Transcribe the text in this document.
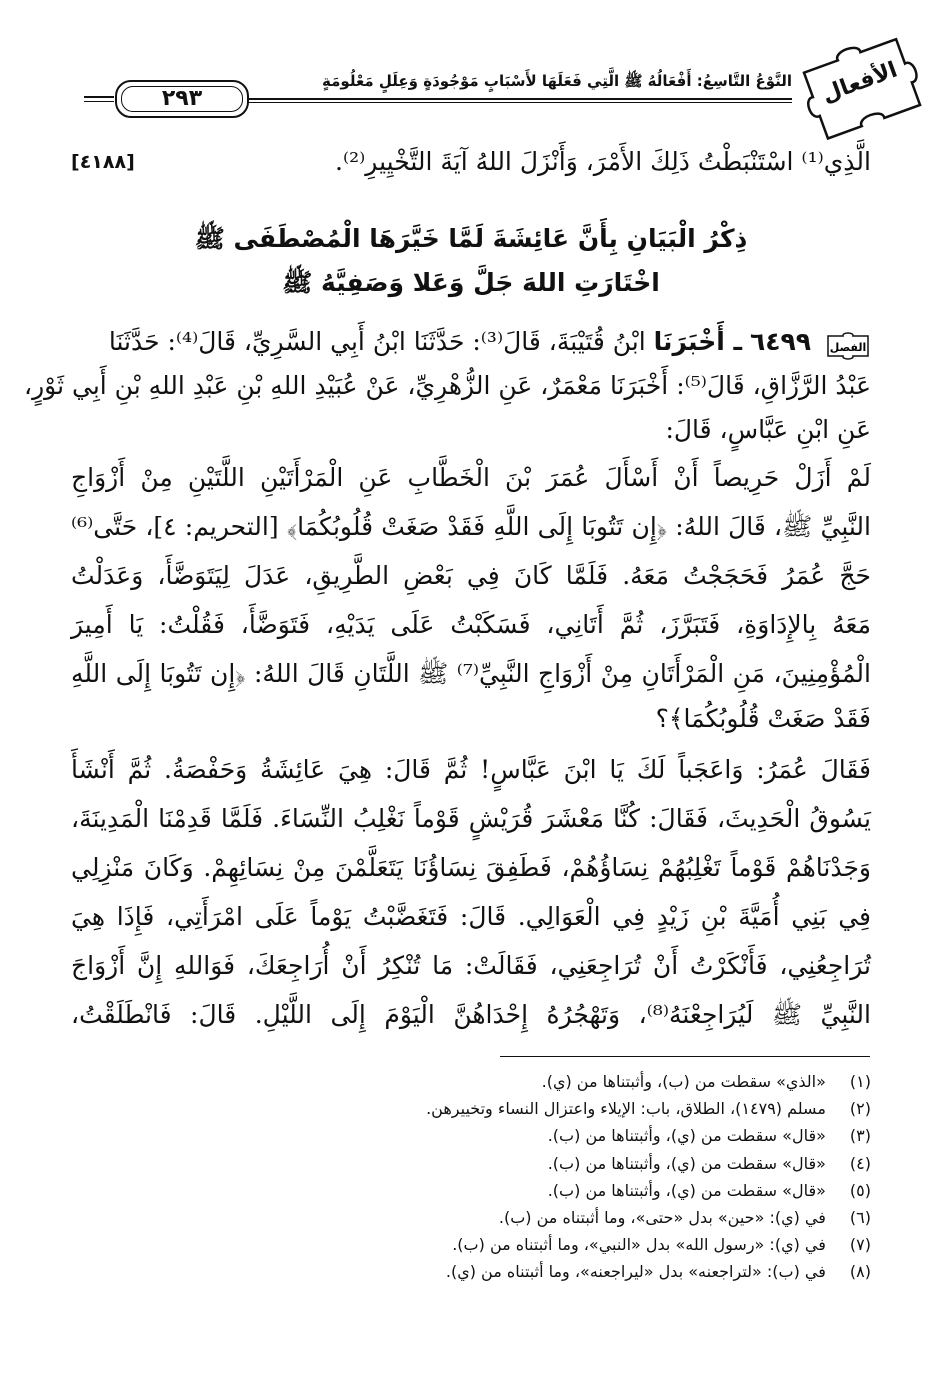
الأفعال
النَّوْعُ التَّاسِعُ: أَفْعَالُهُ ﷺ الَّتِي فَعَلَهَا لأَسْبَابٍ مَوْجُودَةٍ وَعِلَلٍ مَعْلُومَةٍ
٢٩٣
الَّذِي⁽¹⁾ اسْتَنْبَطْتُ ذَلِكَ الأَمْرَ، وَأَنْزَلَ اللهُ آيَةَ التَّخْيِيرِ⁽²⁾.
[٤١٨٨]
ذِكْرُ الْبَيَانِ بِأَنَّ عَائِشَةَ لَمَّا خَيَّرَهَا الْمُصْطَفَى ﷺ
اخْتَارَتِ اللهَ جَلَّ وَعَلا وَصَفِيَّهُ ﷺ
الفصل
٦٤٩٩ ـ أَخْبَرَنَا ابْنُ قُتَيْبَةَ، قَالَ⁽³⁾: حَدَّثَنَا ابْنُ أَبِي السَّرِيِّ، قَالَ⁽⁴⁾: حَدَّثَنَا
عَبْدُ الرَّزَّاقِ، قَالَ⁽⁵⁾: أَخْبَرَنَا مَعْمَرٌ، عَنِ الزُّهْرِيِّ، عَنْ عُبَيْدِ اللهِ بْنِ عَبْدِ اللهِ بْنِ أَبِي ثَوْرٍ،
عَنِ ابْنِ عَبَّاسٍ، قَالَ:
لَمْ أَزَلْ حَرِيصاً أَنْ أَسْأَلَ عُمَرَ بْنَ الْخَطَّابِ عَنِ الْمَرْأَتَيْنِ اللَّتَيْنِ مِنْ أَزْوَاجِ
النَّبِيِّ ﷺ، قَالَ اللهُ: ﴿إِن تَتُوبَا إِلَى اللَّهِ فَقَدْ صَغَتْ قُلُوبُكُمَا﴾ [التحريم: ٤]، حَتَّى⁽⁶⁾
حَجَّ عُمَرُ فَحَجَجْتُ مَعَهُ. فَلَمَّا كَانَ فِي بَعْضِ الطَّرِيقِ، عَدَلَ لِيَتَوَضَّأَ، وَعَدَلْتُ
مَعَهُ بِالإِدَاوَةِ، فَتَبَرَّزَ، ثُمَّ أَتَانِي، فَسَكَبْتُ عَلَى يَدَيْهِ، فَتَوَضَّأَ، فَقُلْتُ: يَا أَمِيرَ
الْمُؤْمِنِينَ، مَنِ الْمَرْأَتَانِ مِنْ أَزْوَاجِ النَّبِيِّ⁽⁷⁾ ﷺ اللَّتَانِ قَالَ اللهُ: ﴿إِن تَتُوبَا إِلَى اللَّهِ
فَقَدْ صَغَتْ قُلُوبُكُمَا﴾؟
فَقَالَ عُمَرُ: وَاعَجَباً لَكَ يَا ابْنَ عَبَّاسٍ! ثُمَّ قَالَ: هِيَ عَائِشَةُ وَحَفْصَةُ. ثُمَّ أَنْشَأَ
يَسُوقُ الْحَدِيثَ، فَقَالَ: كُنَّا مَعْشَرَ قُرَيْشٍ قَوْماً نَغْلِبُ النِّسَاءَ. فَلَمَّا قَدِمْنَا الْمَدِينَةَ،
وَجَدْنَاهُمْ قَوْماً تَغْلِبُهُمْ نِسَاؤُهُمْ، فَطَفِقَ نِسَاؤُنَا يَتَعَلَّمْنَ مِنْ نِسَائِهِمْ. وَكَانَ مَنْزِلِي
فِي بَنِي أُمَيَّةَ بْنِ زَيْدٍ فِي الْعَوَالِي. قَالَ: فَتَغَضَّبْتُ يَوْماً عَلَى امْرَأَتِي، فَإِذَا هِيَ
تُرَاجِعُنِي، فَأَنْكَرْتُ أَنْ تُرَاجِعَنِي، فَقَالَتْ: مَا تُنْكِرُ أَنْ أُرَاجِعَكَ، فَوَاللهِ إِنَّ أَزْوَاجَ
النَّبِيِّ ﷺ لَيُرَاجِعْنَهُ⁽⁸⁾، وَتَهْجُرُهُ إِحْدَاهُنَّ الْيَوْمَ إِلَى اللَّيْلِ. قَالَ: فَانْطَلَقْتُ،
(١) «الذي» سقطت من (ب)، وأثبتناها من (ي).
(٢) مسلم (١٤٧٩)، الطلاق، باب: الإيلاء واعتزال النساء وتخييرهن.
(٣) «قال» سقطت من (ي)، وأثبتناها من (ب).
(٤) «قال» سقطت من (ي)، وأثبتناها من (ب).
(٥) «قال» سقطت من (ي)، وأثبتناها من (ب).
(٦) في (ي): «حين» بدل «حتى»، وما أثبتناه من (ب).
(٧) في (ي): «رسول الله» بدل «النبي»، وما أثبتناه من (ب).
(٨) في (ب): «لتراجعنه» بدل «ليراجعنه»، وما أثبتناه من (ي).
